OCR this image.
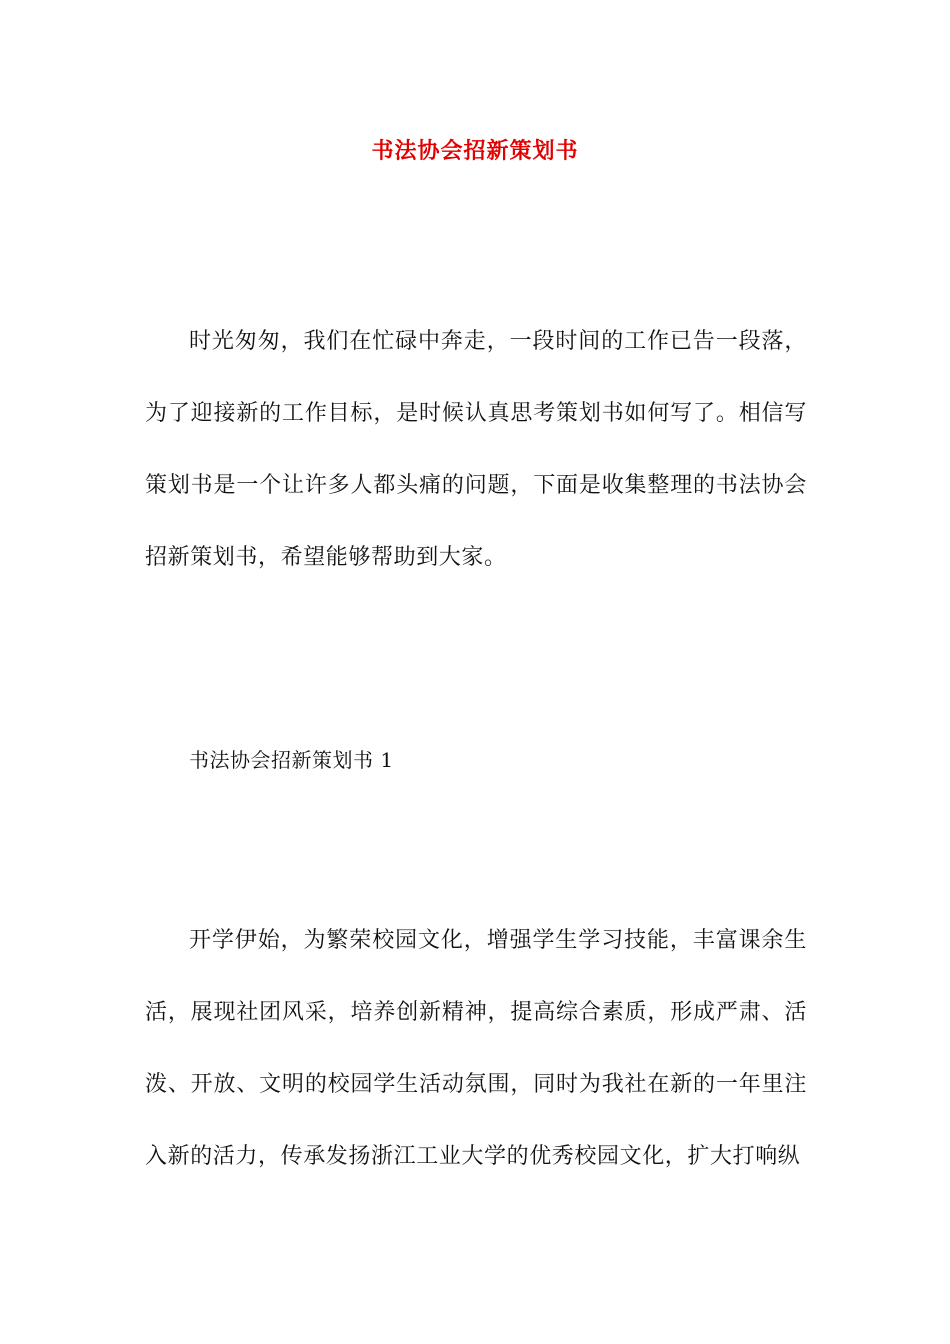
书法协会招新策划书

时光匆匆，我们在忙碌中奔走，一段时间的工作已告一段落，为了迎接新的工作目标，是时候认真思考策划书如何写了。相信写策划书是一个让许多人都头痛的问题，下面是收集整理的书法协会招新策划书，希望能够帮助到大家。

书法协会招新策划书 1

开学伊始，为繁荣校园文化，增强学生学习技能，丰富课余生活，展现社团风采，培养创新精神，提高综合素质，形成严肃、活泼、开放、文明的校园学生活动氛围，同时为我社在新的一年里注入新的活力，传承发扬浙江工业大学的优秀校园文化，扩大打响纵
